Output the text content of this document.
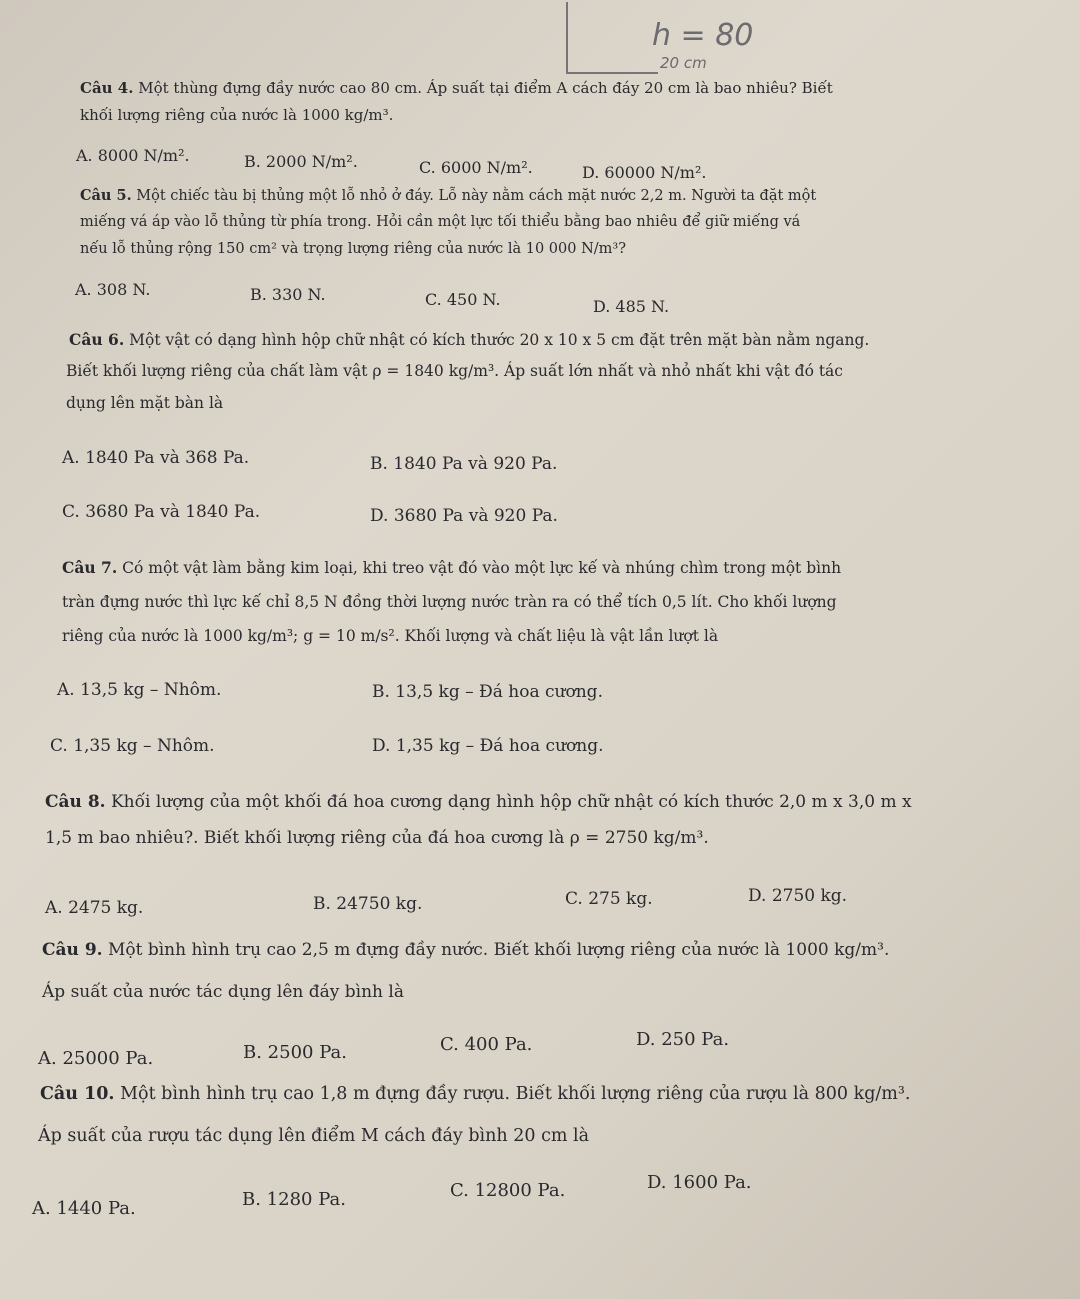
h = 80
20 cm
Câu 4. Một thùng đựng đầy nước cao 80 cm. Áp suất tại điểm A cách đáy 20 cm là bao nhiêu? Biết
khối lượng riêng của nước là 1000 kg/m³.
A. 8000 N/m².	B. 2000 N/m².	C. 6000 N/m².	D. 60000 N/m².
Câu 5. Một chiếc tàu bị thủng một lỗ nhỏ ở đáy. Lỗ này nằm cách mặt nước 2,2 m. Người ta đặt một
miếng vá áp vào lỗ thủng từ phía trong. Hỏi cần một lực tối thiểu bằng bao nhiêu để giữ miếng vá
nếu lỗ thủng rộng 150 cm² và trọng lượng riêng của nước là 10 000 N/m³?
A. 308 N.	B. 330 N.	C. 450 N.	D. 485 N.
Câu 6. Một vật có dạng hình hộp chữ nhật có kích thước 20 x 10 x 5 cm đặt trên mặt bàn nằm ngang.
Biết khối lượng riêng của chất làm vật ρ = 1840 kg/m³. Áp suất lớn nhất và nhỏ nhất khi vật đó tác
dụng lên mặt bàn là
A. 1840 Pa và 368 Pa.	B. 1840 Pa và 920 Pa.
C. 3680 Pa và 1840 Pa.	D. 3680 Pa và 920 Pa.
Câu 7. Có một vật làm bằng kim loại, khi treo vật đó vào một lực kế và nhúng chìm trong một bình
tràn đựng nước thì lực kế chỉ 8,5 N đồng thời lượng nước tràn ra có thể tích 0,5 lít. Cho khối lượng
riêng của nước là 1000 kg/m³; g = 10 m/s². Khối lượng và chất liệu là vật lần lượt là
A. 13,5 kg – Nhôm.	B. 13,5 kg – Đá hoa cương.
C. 1,35 kg – Nhôm.	D. 1,35 kg – Đá hoa cương.
Câu 8. Khối lượng của một khối đá hoa cương dạng hình hộp chữ nhật có kích thước 2,0 m x 3,0 m x
1,5 m bao nhiêu?. Biết khối lượng riêng của đá hoa cương là ρ = 2750 kg/m³.
A. 2475 kg.	B. 24750 kg.	C. 275 kg.	D. 2750 kg.
Câu 9. Một bình hình trụ cao 2,5 m đựng đầy nước. Biết khối lượng riêng của nước là 1000 kg/m³.
Áp suất của nước tác dụng lên đáy bình là
A. 25000 Pa.	B. 2500 Pa.	C. 400 Pa.	D. 250 Pa.
Câu 10. Một bình hình trụ cao 1,8 m đựng đầy rượu. Biết khối lượng riêng của rượu là 800 kg/m³.
Áp suất của rượu tác dụng lên điểm M cách đáy bình 20 cm là
A. 1440 Pa.	B. 1280 Pa.	C. 12800 Pa.	D. 1600 Pa.
